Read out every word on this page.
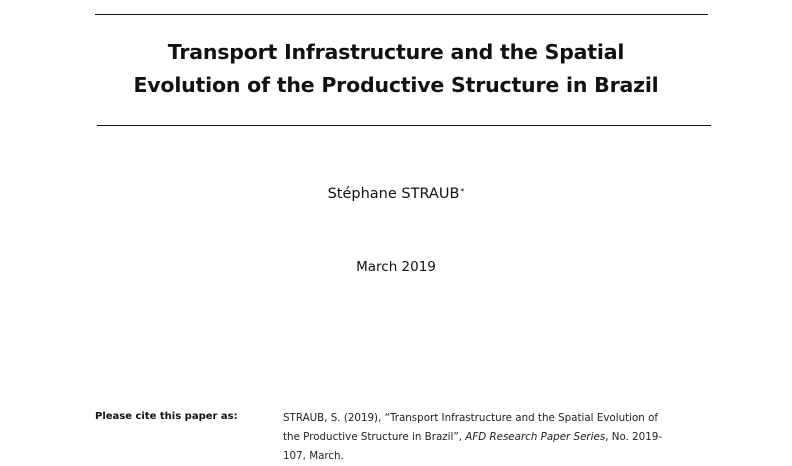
Transport Infrastructure and the Spatial
Evolution of the Productive Structure in Brazil
Stéphane STRAUB*
March 2019
Please cite this paper as:	STRAUB, S. (2019), “Transport Infrastructure and the Spatial Evolution of
the Productive Structure in Brazil”, AFD Research Paper Series, No. 2019-
107, March.
